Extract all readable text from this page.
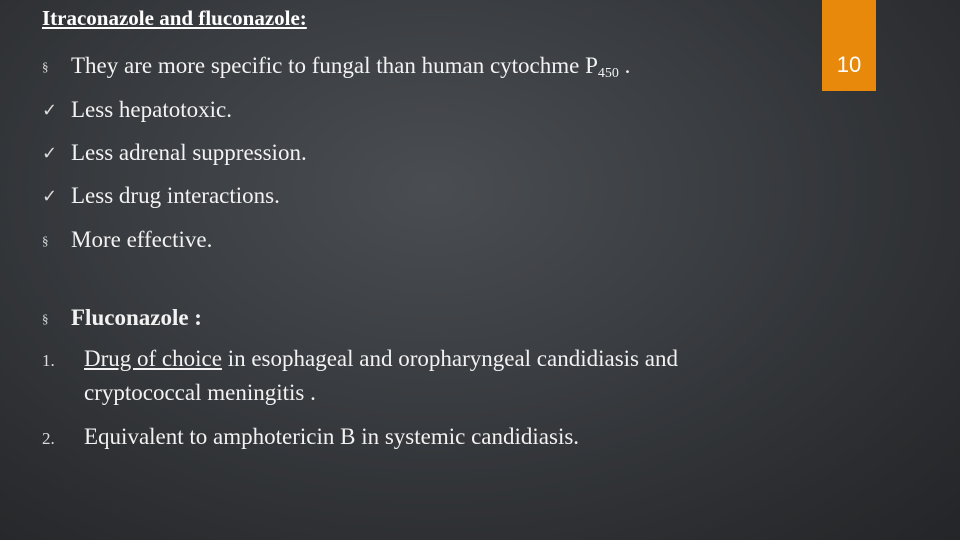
Itraconazole and fluconazole:
10
§ They are more specific to fungal than human cytochme $P_{450}$ .
✓ Less hepatotoxic.
✓ Less adrenal suppression.
✓ Less drug interactions.
§ More effective.
§ Fluconazole :
1. Drug of choice in esophageal and oropharyngeal candidiasis and
cryptococcal meningitis .
2. Equivalent to amphotericin B in systemic candidiasis.
